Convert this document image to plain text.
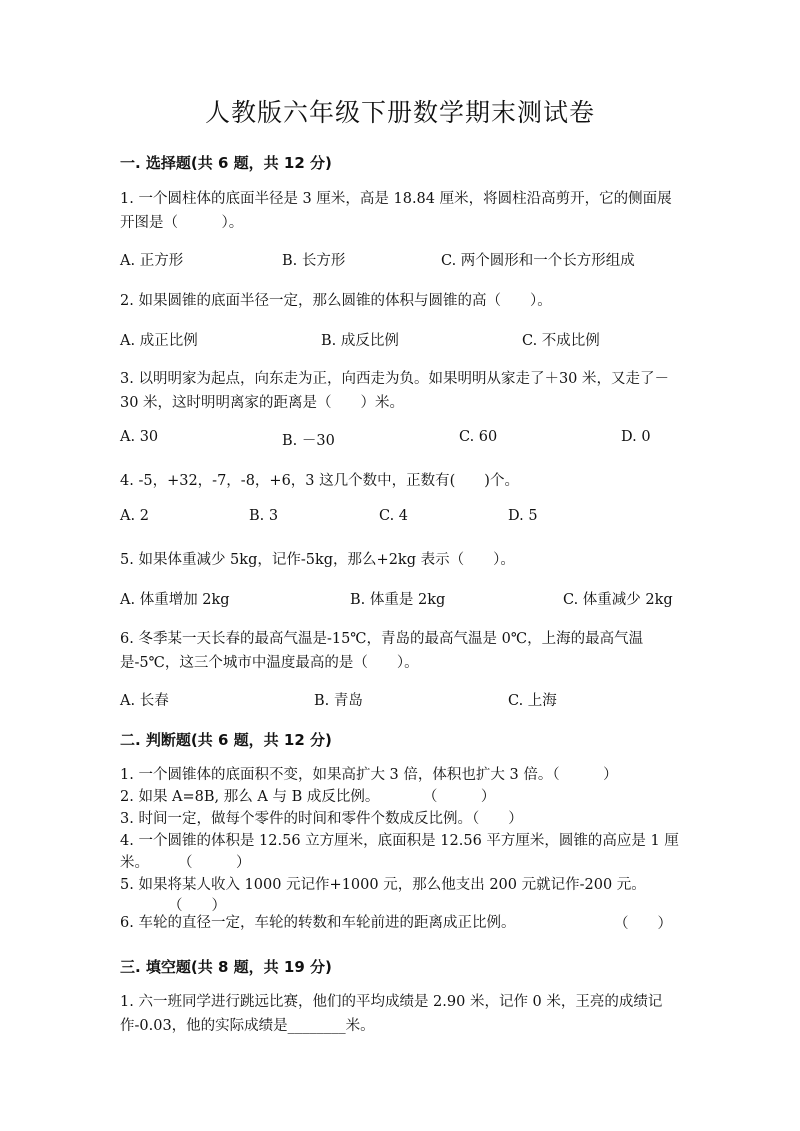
人教版六年级下册数学期末测试卷
一. 选择题(共 6 题，共 12 分)
1. 一个圆柱体的底面半径是 3 厘米，高是 18.84 厘米，将圆柱沿高剪开，它的侧面展开图是（　　　）。
A. 正方形	B. 长方形	C. 两个圆形和一个长方形组成
2. 如果圆锥的底面半径一定，那么圆锥的体积与圆锥的高（　　）。
A. 成正比例	B. 成反比例	C. 不成比例
3. 以明明家为起点，向东走为正，向西走为负。如果明明从家走了＋30 米，又走了－30 米，这时明明离家的距离是（　　）米。
A. 30	B. －30	C. 60	D. 0
4. -5，+32，-7，-8，+6，3 这几个数中，正数有(　　)个。
A. 2	B. 3	C. 4	D. 5
5. 如果体重减少 5kg，记作-5kg，那么+2kg 表示（　　）。
A. 体重增加 2kg	B. 体重是 2kg	C. 体重减少 2kg
6. 冬季某一天长春的最高气温是-15℃，青岛的最高气温是 0℃，上海的最高气温是-5℃，这三个城市中温度最高的是（　　）。
A. 长春	B. 青岛	C. 上海
二. 判断题(共 6 题，共 12 分)
1. 一个圆锥体的底面积不变，如果高扩大 3 倍，体积也扩大 3 倍。（　　　）
2. 如果 A=8B, 那么 A 与 B 成反比例。　　　　（　　　）
3. 时间一定，做每个零件的时间和零件个数成反比例。（　　）
4. 一个圆锥的体积是 12.56 立方厘米，底面积是 12.56 平方厘米，圆锥的高应是 1 厘米。　　　（　　　）
5. 如果将某人收入 1000 元记作+1000 元，那么他支出 200 元就记作-200 元。
（　　）
6. 车轮的直径一定，车轮的转数和车轮前进的距离成正比例。	（　　）
三. 填空题(共 8 题，共 19 分)
1. 六一班同学进行跳远比赛，他们的平均成绩是 2.90 米，记作 0 米，王亮的成绩记作-0.03，他的实际成绩是________米。
